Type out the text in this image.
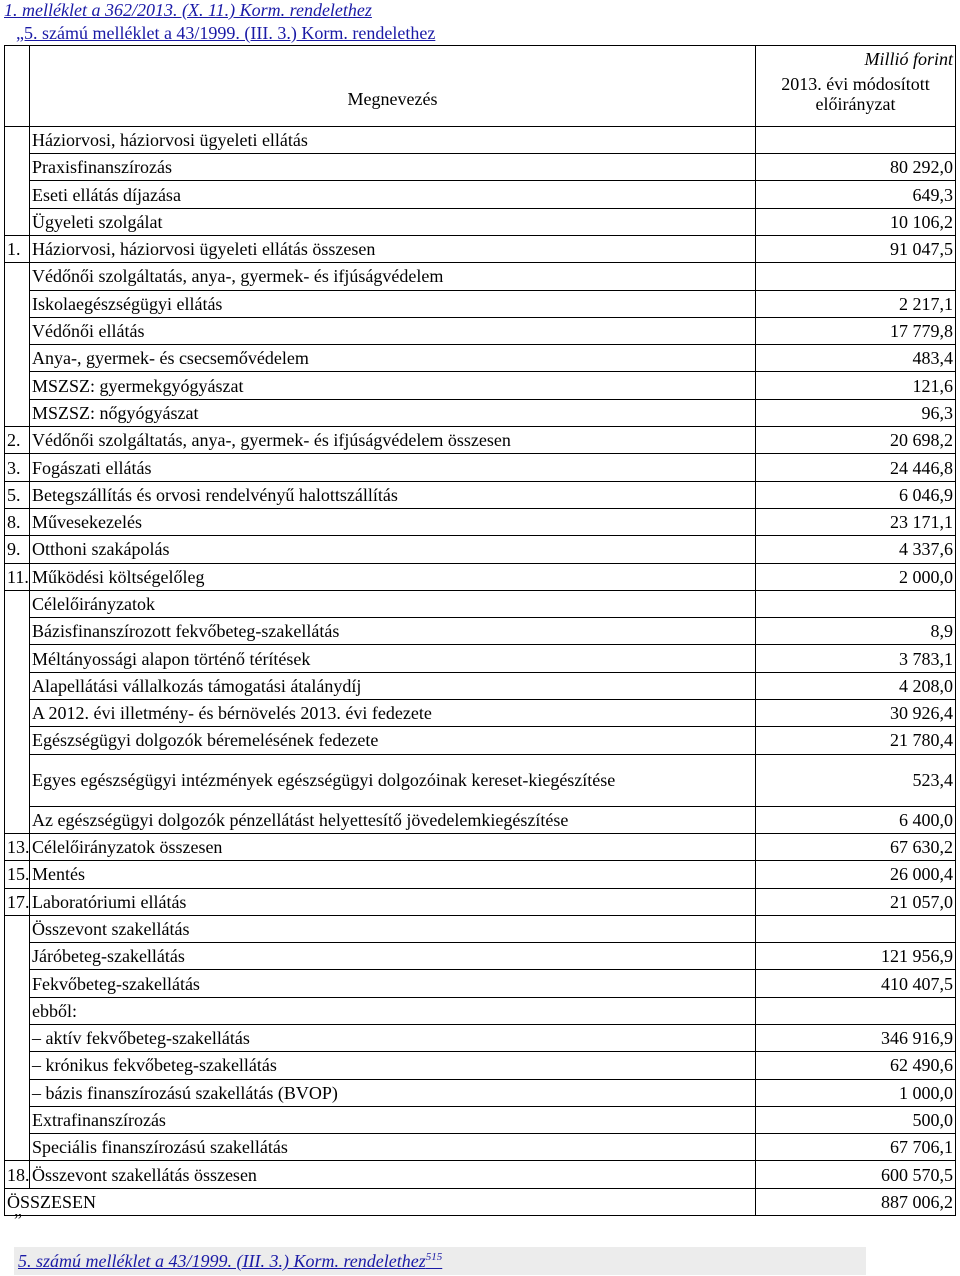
1. melléklet a 362/2013. (X. 11.) Korm. rendelethez
„5. számú melléklet a 43/1999. (III. 3.) Korm. rendelethez
		Millió forint
	Megnevezés	2013. évi módosított előirányzat
	Háziorvosi, háziorvosi ügyeleti ellátás	
	Praxisfinanszírozás	80 292,0
	Eseti ellátás díjazása	649,3
	Ügyeleti szolgálat	10 106,2
1.	Háziorvosi, háziorvosi ügyeleti ellátás összesen	91 047,5
	Védőnői szolgáltatás, anya-, gyermek- és ifjúságvédelem	
	Iskolaegészségügyi ellátás	2 217,1
	Védőnői ellátás	17 779,8
	Anya-, gyermek- és csecsemővédelem	483,4
	MSZSZ: gyermekgyógyászat	121,6
	MSZSZ: nőgyógyászat	96,3
2.	Védőnői szolgáltatás, anya-, gyermek- és ifjúságvédelem összesen	20 698,2
3.	Fogászati ellátás	24 446,8
5.	Betegszállítás és orvosi rendelvényű halottszállítás	6 046,9
8.	Művesekezelés	23 171,1
9.	Otthoni szakápolás	4 337,6
11.	Működési költségelőleg	2 000,0
	Célelőirányzatok	
	Bázisfinanszírozott fekvőbeteg-szakellátás	8,9
	Méltányossági alapon történő térítések	3 783,1
	Alapellátási vállalkozás támogatási átalánydíj	4 208,0
	A 2012. évi illetmény- és bérnövelés 2013. évi fedezete	30 926,4
	Egészségügyi dolgozók béremelésének fedezete	21 780,4
	Egyes egészségügyi intézmények egészségügyi dolgozóinak kereset-kiegészítése	523,4
	Az egészségügyi dolgozók pénzellátást helyettesítő jövedelemkiegészítése	6 400,0
13.	Célelőirányzatok összesen	67 630,2
15.	Mentés	26 000,4
17.	Laboratóriumi ellátás	21 057,0
	Összevont szakellátás	
	Járóbeteg-szakellátás	121 956,9
	Fekvőbeteg-szakellátás	410 407,5
	ebből:	
	– aktív fekvőbeteg-szakellátás	346 916,9
	– krónikus fekvőbeteg-szakellátás	62 490,6
	– bázis finanszírozású szakellátás (BVOP)	1 000,0
	Extrafinanszírozás	500,0
	Speciális finanszírozású szakellátás	67 706,1
18.	Összevont szakellátás összesen	600 570,5
ÖSSZESEN		887 006,2
”
5. számú melléklet a 43/1999. (III. 3.) Korm. rendelethez$^{515}$
